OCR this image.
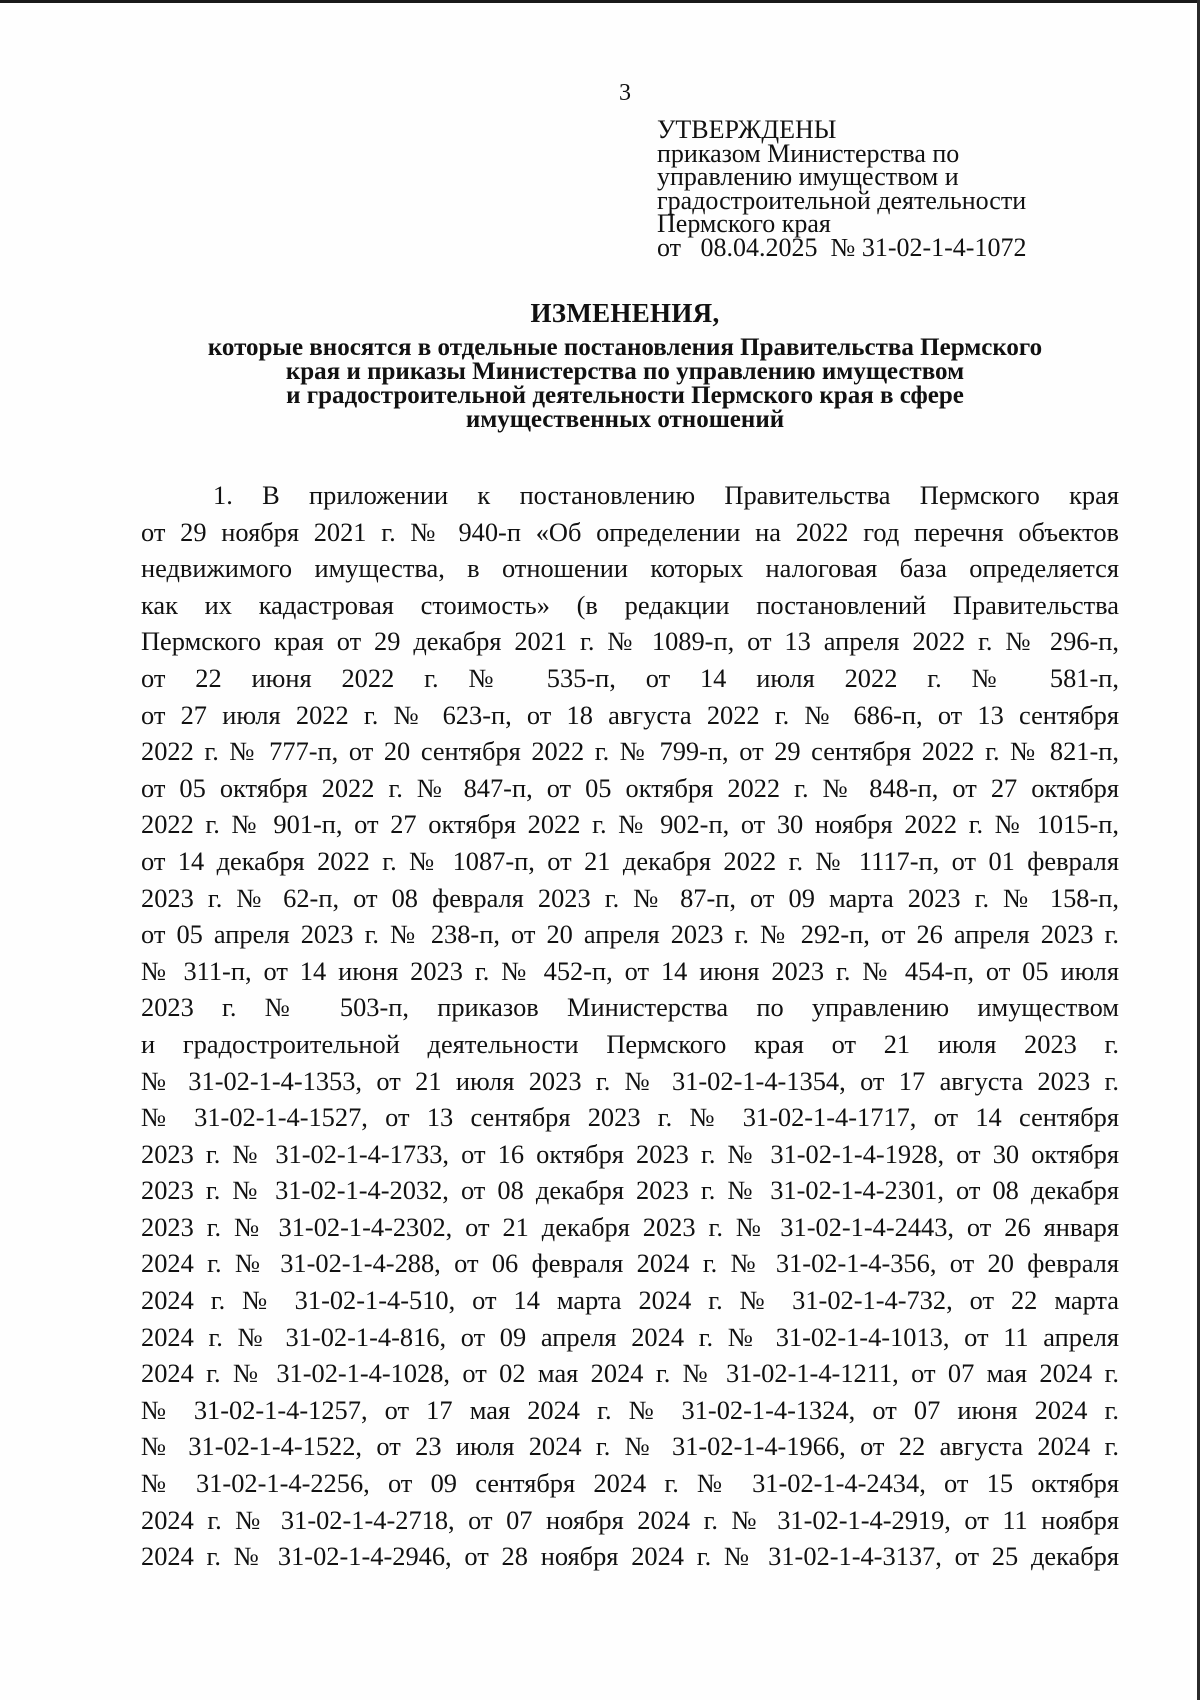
3
УТВЕРЖДЕНЫ
приказом Министерства по
управлению имуществом и
градостроительной деятельности
Пермского края
от   08.04.2025  № 31-02-1-4-1072
ИЗМЕНЕНИЯ,
которые вносятся в отдельные постановления Правительства Пермского
края и приказы Министерства по управлению имуществом
и градостроительной деятельности Пермского края в сфере
имущественных отношений
1. В приложении к постановлению Правительства Пермского края
от 29 ноября 2021 г. № 940-п «Об определении на 2022 год перечня объектов
недвижимого имущества, в отношении которых налоговая база определяется
как их кадастровая стоимость» (в редакции постановлений Правительства
Пермского края от 29 декабря 2021 г. № 1089-п, от 13 апреля 2022 г. № 296-п,
от 22 июня 2022 г. № 535-п, от 14 июля 2022 г. № 581-п,
от 27 июля 2022 г. № 623-п, от 18 августа 2022 г. № 686-п, от 13 сентября
2022 г. № 777-п, от 20 сентября 2022 г. № 799-п, от 29 сентября 2022 г. № 821-п,
от 05 октября 2022 г. № 847-п, от 05 октября 2022 г. № 848-п, от 27 октября
2022 г. № 901-п, от 27 октября 2022 г. № 902-п, от 30 ноября 2022 г. № 1015-п,
от 14 декабря 2022 г. № 1087-п, от 21 декабря 2022 г. № 1117-п, от 01 февраля
2023 г. № 62-п, от 08 февраля 2023 г. № 87-п, от 09 марта 2023 г. № 158-п,
от 05 апреля 2023 г. № 238-п, от 20 апреля 2023 г. № 292-п, от 26 апреля 2023 г.
№ 311-п, от 14 июня 2023 г. № 452-п, от 14 июня 2023 г. № 454-п, от 05 июля
2023 г. № 503-п, приказов Министерства по управлению имуществом
и градостроительной деятельности Пермского края от 21 июля 2023 г.
№ 31-02-1-4-1353, от 21 июля 2023 г. № 31-02-1-4-1354, от 17 августа 2023 г.
№ 31-02-1-4-1527, от 13 сентября 2023 г. № 31-02-1-4-1717, от 14 сентября
2023 г. № 31-02-1-4-1733, от 16 октября 2023 г. № 31-02-1-4-1928, от 30 октября
2023 г. № 31-02-1-4-2032, от 08 декабря 2023 г. № 31-02-1-4-2301, от 08 декабря
2023 г. № 31-02-1-4-2302, от 21 декабря 2023 г. № 31-02-1-4-2443, от 26 января
2024 г. № 31-02-1-4-288, от 06 февраля 2024 г. № 31-02-1-4-356, от 20 февраля
2024 г. № 31-02-1-4-510, от 14 марта 2024 г. № 31-02-1-4-732, от 22 марта
2024 г. № 31-02-1-4-816, от 09 апреля 2024 г. № 31-02-1-4-1013, от 11 апреля
2024 г. № 31-02-1-4-1028, от 02 мая 2024 г. № 31-02-1-4-1211, от 07 мая 2024 г.
№ 31-02-1-4-1257, от 17 мая 2024 г. № 31-02-1-4-1324, от 07 июня 2024 г.
№ 31-02-1-4-1522, от 23 июля 2024 г. № 31-02-1-4-1966, от 22 августа 2024 г.
№ 31-02-1-4-2256, от 09 сентября 2024 г. № 31-02-1-4-2434, от 15 октября
2024 г. № 31-02-1-4-2718, от 07 ноября 2024 г. № 31-02-1-4-2919, от 11 ноября
2024 г. № 31-02-1-4-2946, от 28 ноября 2024 г. № 31-02-1-4-3137, от 25 декабря
